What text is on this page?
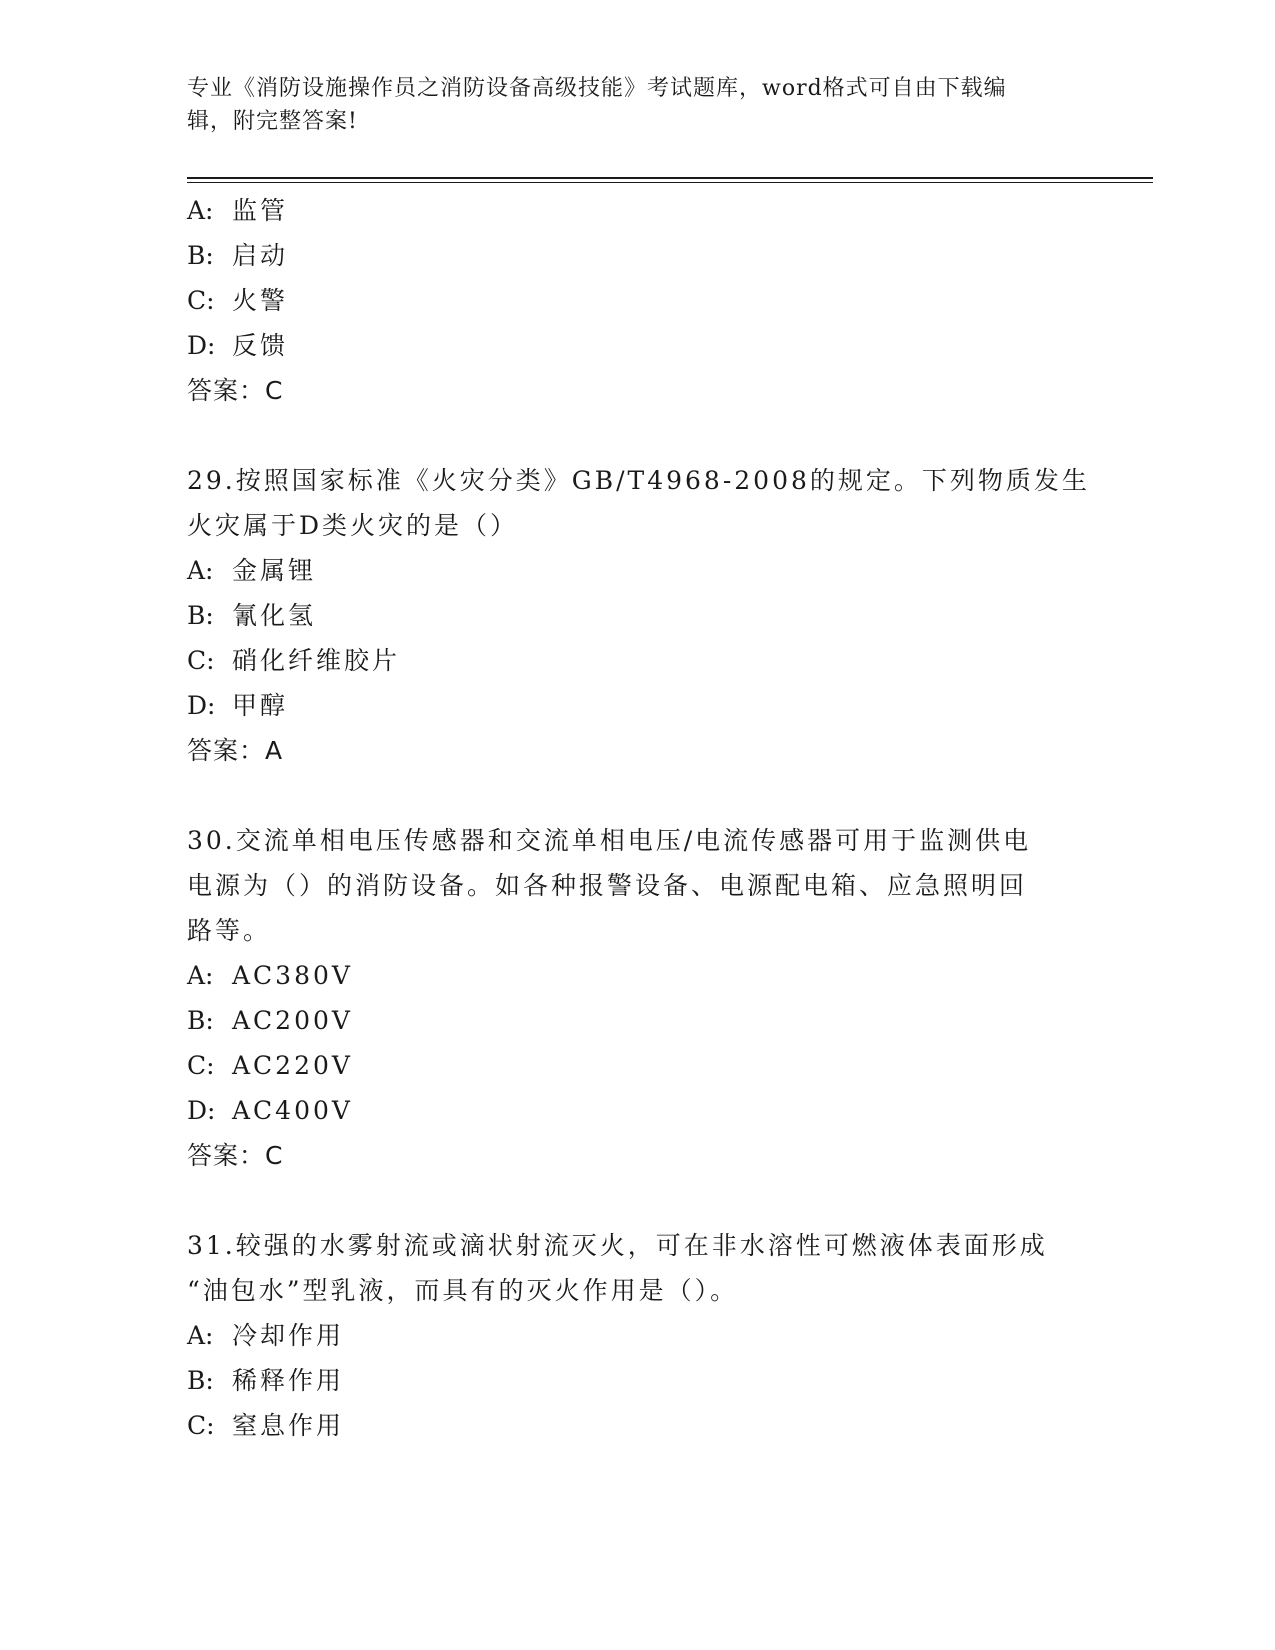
专业《消防设施操作员之消防设备高级技能》考试题库，word格式可自由下载编
辑，附完整答案!
A: 监管
B: 启动
C: 火警
D: 反馈
答案：C
29.按照国家标准《火灾分类》GB/T4968-2008的规定。下列物质发生
火灾属于D类火灾的是（）
A: 金属锂
B: 氰化氢
C: 硝化纤维胶片
D: 甲醇
答案：A
30.交流单相电压传感器和交流单相电压/电流传感器可用于监测供电
电源为（）的消防设备。如各种报警设备、电源配电箱、应急照明回
路等。
A: AC380V
B: AC200V
C: AC220V
D: AC400V
答案：C
31.较强的水雾射流或滴状射流灭火，可在非水溶性可燃液体表面形成
“油包水”型乳液，而具有的灭火作用是（）。
A: 冷却作用
B: 稀释作用
C: 窒息作用
